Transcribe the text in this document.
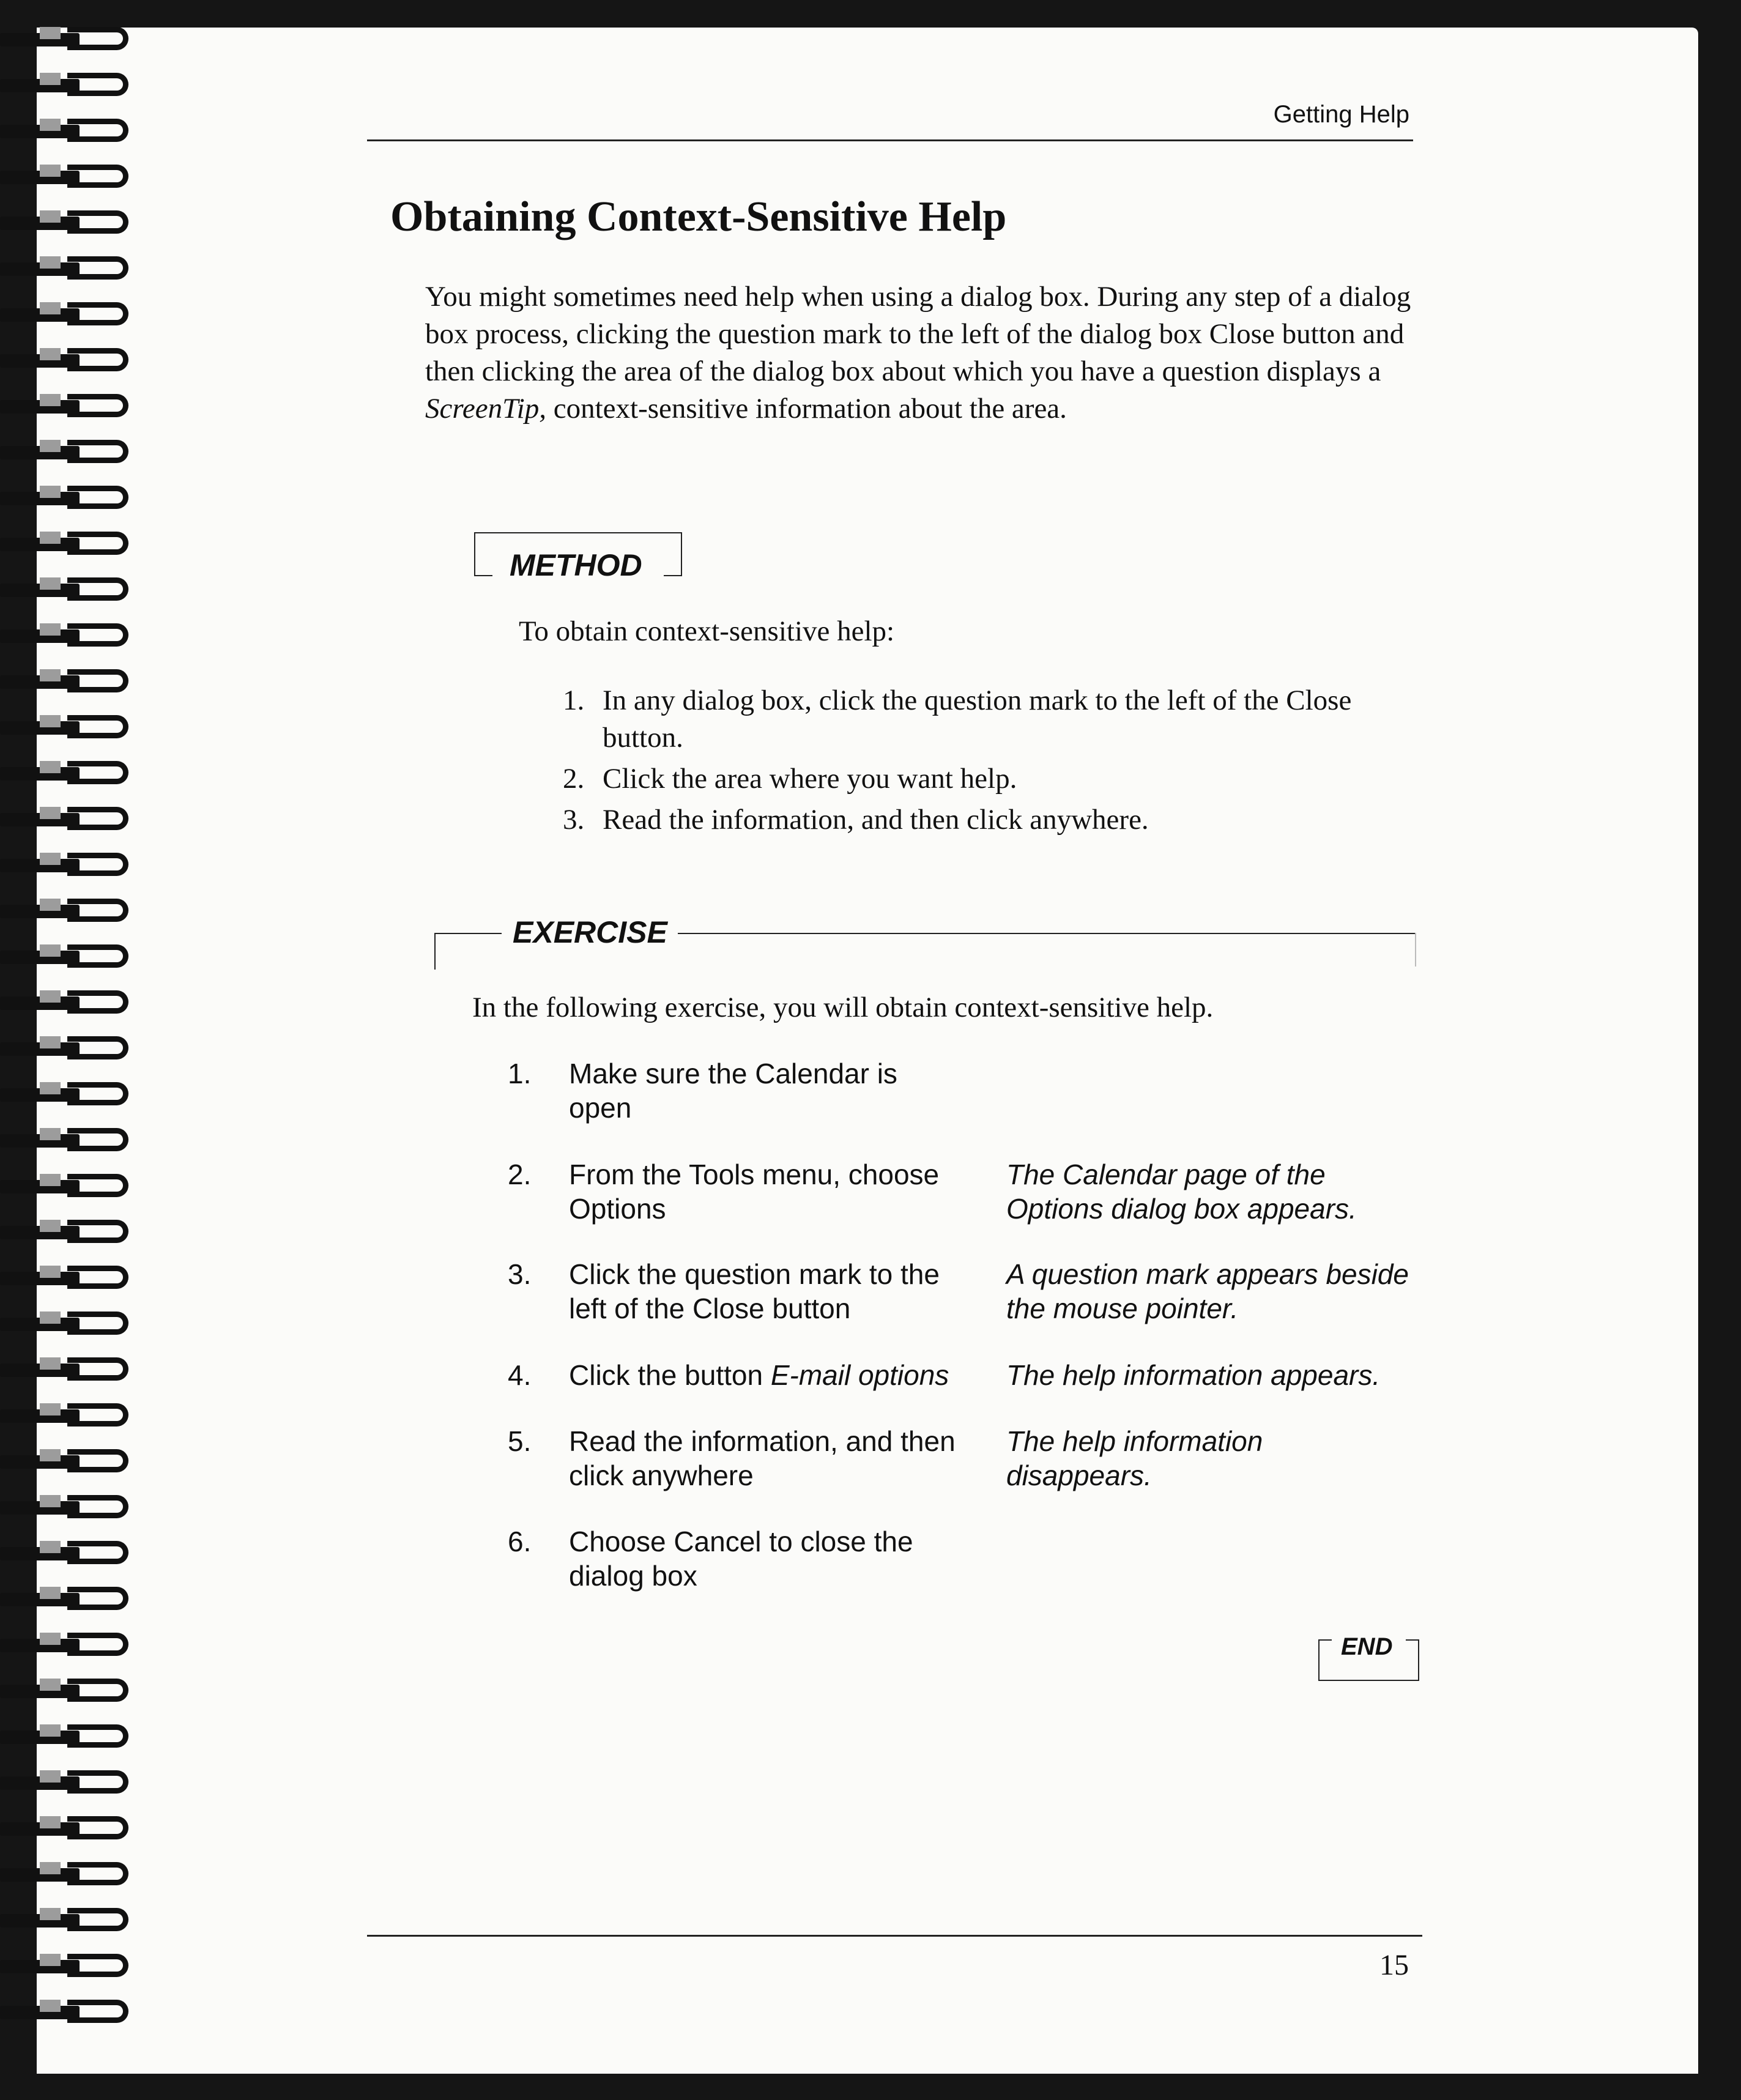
Getting Help
Obtaining Context-Sensitive Help
You might sometimes need help when using a dialog box. During any step of a dialog box process, clicking the question mark to the left of the dialog box Close button and then clicking the area of the dialog box about which you have a question displays a ScreenTip, context-sensitive information about the area.
METHOD
To obtain context-sensitive help:
1. In any dialog box, click the question mark to the left of the Close button.
2. Click the area where you want help.
3. Read the information, and then click anywhere.
EXERCISE
In the following exercise, you will obtain context-sensitive help.
1. Make sure the Calendar is open
2. From the Tools menu, choose Options
The Calendar page of the Options dialog box appears.
3. Click the question mark to the left of the Close button
A question mark appears beside the mouse pointer.
4. Click the button E-mail options	The help information appears.
5. Read the information, and then click anywhere
The help information disappears.
6. Choose Cancel to close the dialog box
END
15
